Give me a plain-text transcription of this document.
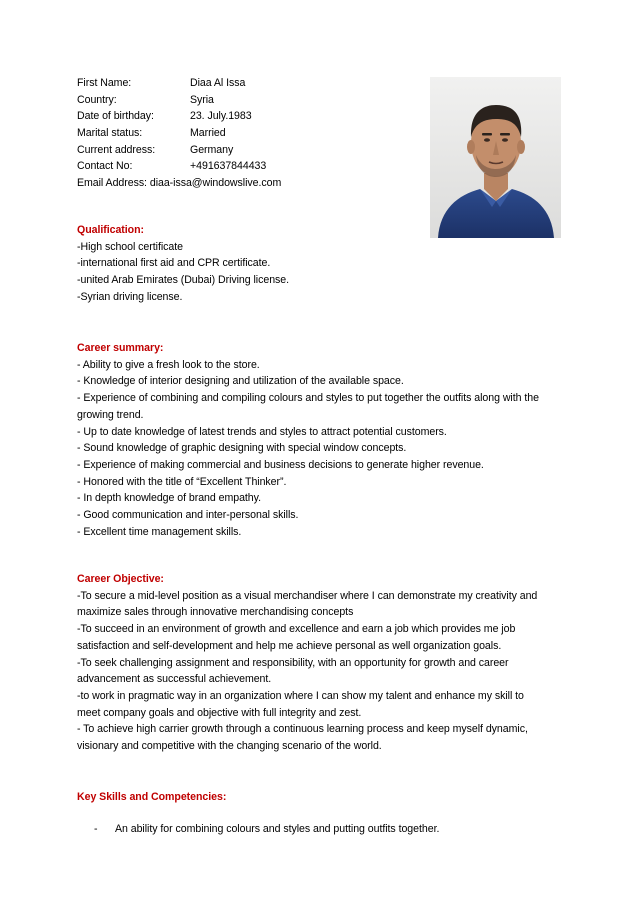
First Name:	Diaa Al Issa
Country:	Syria
Date of birthday:	23. July.1983
Marital status:	Married
Current address:	Germany
Contact No:	+491637844433
Email Address: diaa-issa@windowslive.com
Qualification:
-High school certificate
-international first aid and CPR certificate.
-united Arab Emirates (Dubai) Driving license.
-Syrian driving license.
Career summary:
- Ability to give a fresh look to the store.
- Knowledge of interior designing and utilization of the available space.
- Experience of combining and compiling colours and styles to put together the outfits along with the
growing trend.
- Up to date knowledge of latest trends and styles to attract potential customers.
- Sound knowledge of graphic designing with special window concepts.
- Experience of making commercial and business decisions to generate higher revenue.
- Honored with the title of “Excellent Thinker”.
- In depth knowledge of brand empathy.
- Good communication and inter-personal skills.
- Excellent time management skills.
Career Objective:
-To secure a mid-level position as a visual merchandiser where I can demonstrate my creativity and
maximize sales through innovative merchandising concepts
-To succeed in an environment of growth and excellence and earn a job which provides me job
satisfaction and self-development and help me achieve personal as well organization goals.
-To seek challenging assignment and responsibility, with an opportunity for growth and career
advancement as successful achievement.
-to work in pragmatic way in an organization where I can show my talent and enhance my skill to
meet company goals and objective with full integrity and zest.
- To achieve high carrier growth through a continuous learning process and keep myself dynamic,
visionary and competitive with the changing scenario of the world.
Key Skills and Competencies:
-	An ability for combining colours and styles and putting outfits together.
